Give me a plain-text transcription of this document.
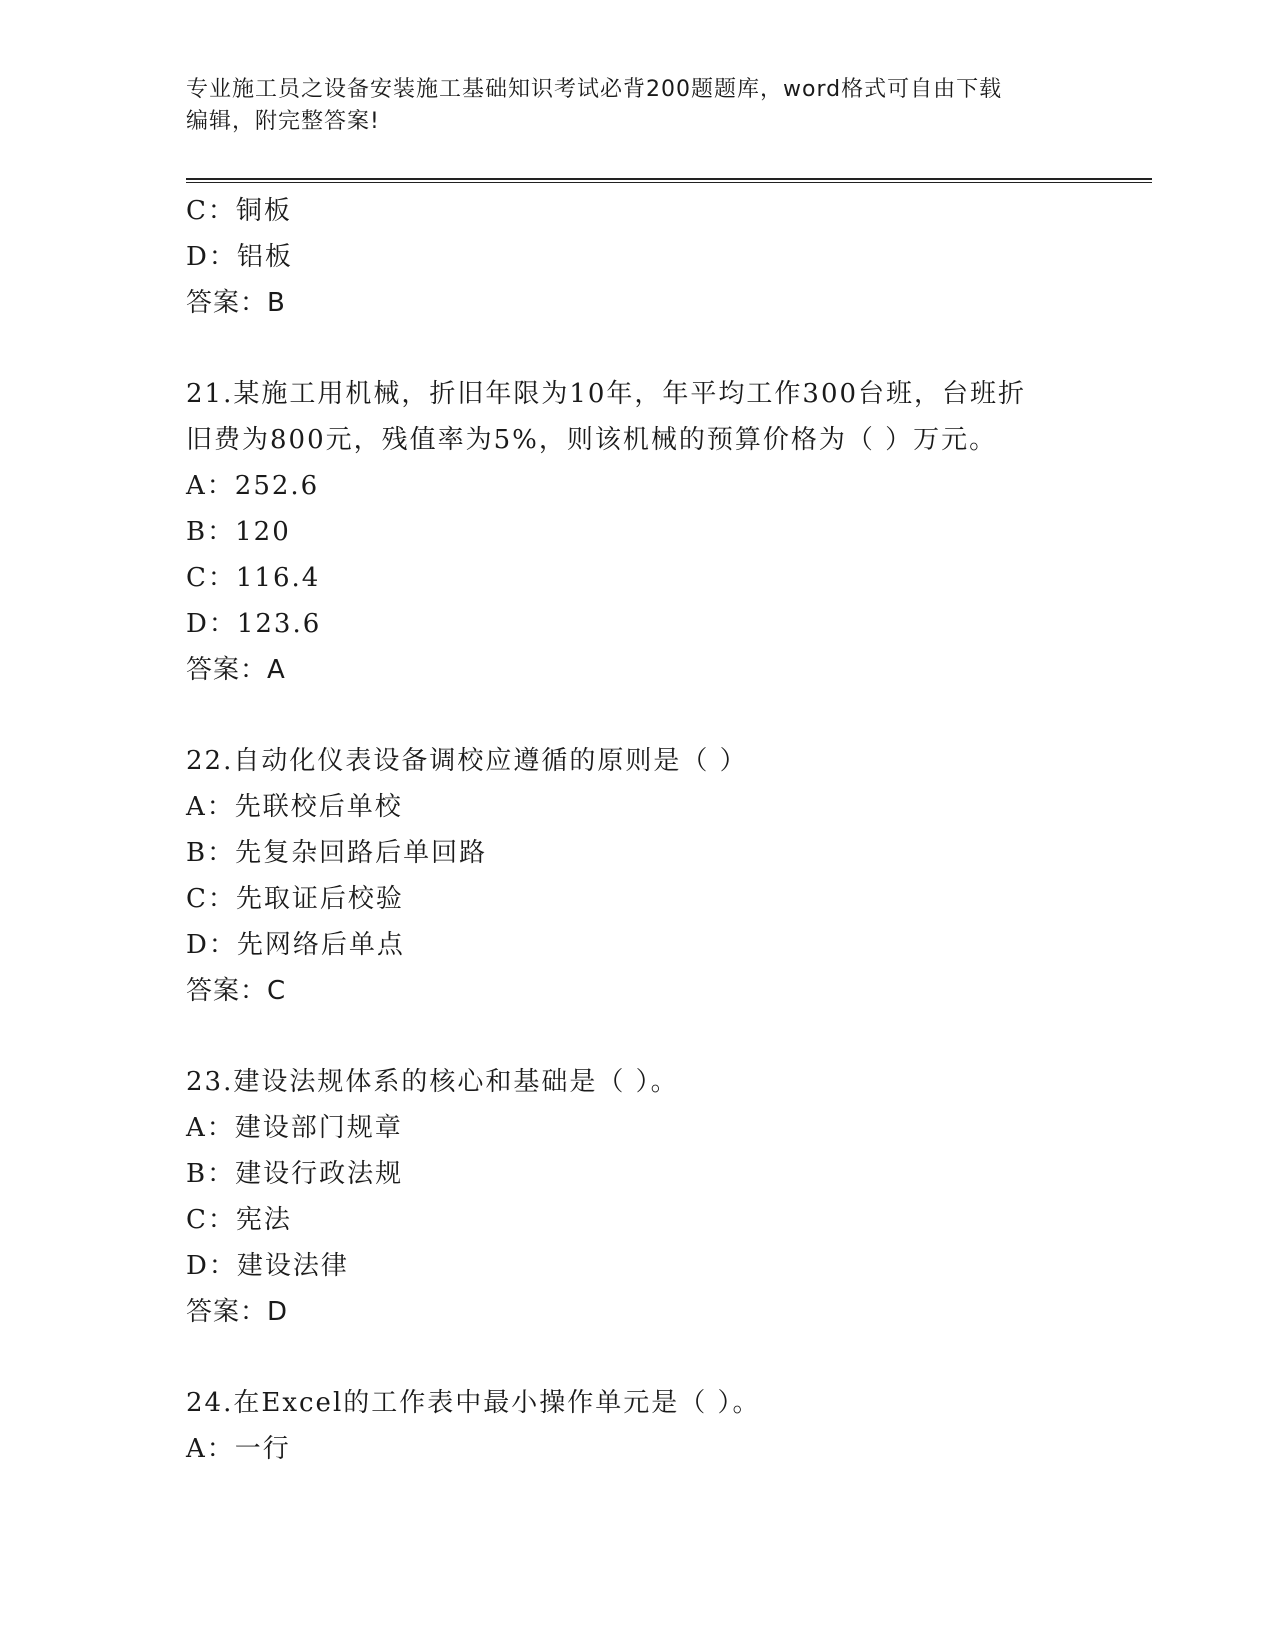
专业施工员之设备安装施工基础知识考试必背200题题库，word格式可自由下载
编辑，附完整答案!
C：铜板
D：铝板
答案：B
21.某施工用机械，折旧年限为10年，年平均工作300台班，台班折
旧费为800元，残值率为5%，则该机械的预算价格为（ ）万元。
A：252.6
B：120
C：116.4
D：123.6
答案：A
22.自动化仪表设备调校应遵循的原则是（ ）
A：先联校后单校
B：先复杂回路后单回路
C：先取证后校验
D：先网络后单点
答案：C
23.建设法规体系的核心和基础是（ ）。
A：建设部门规章
B：建设行政法规
C：宪法
D：建设法律
答案：D
24.在Excel的工作表中最小操作单元是（ ）。
A：一行
